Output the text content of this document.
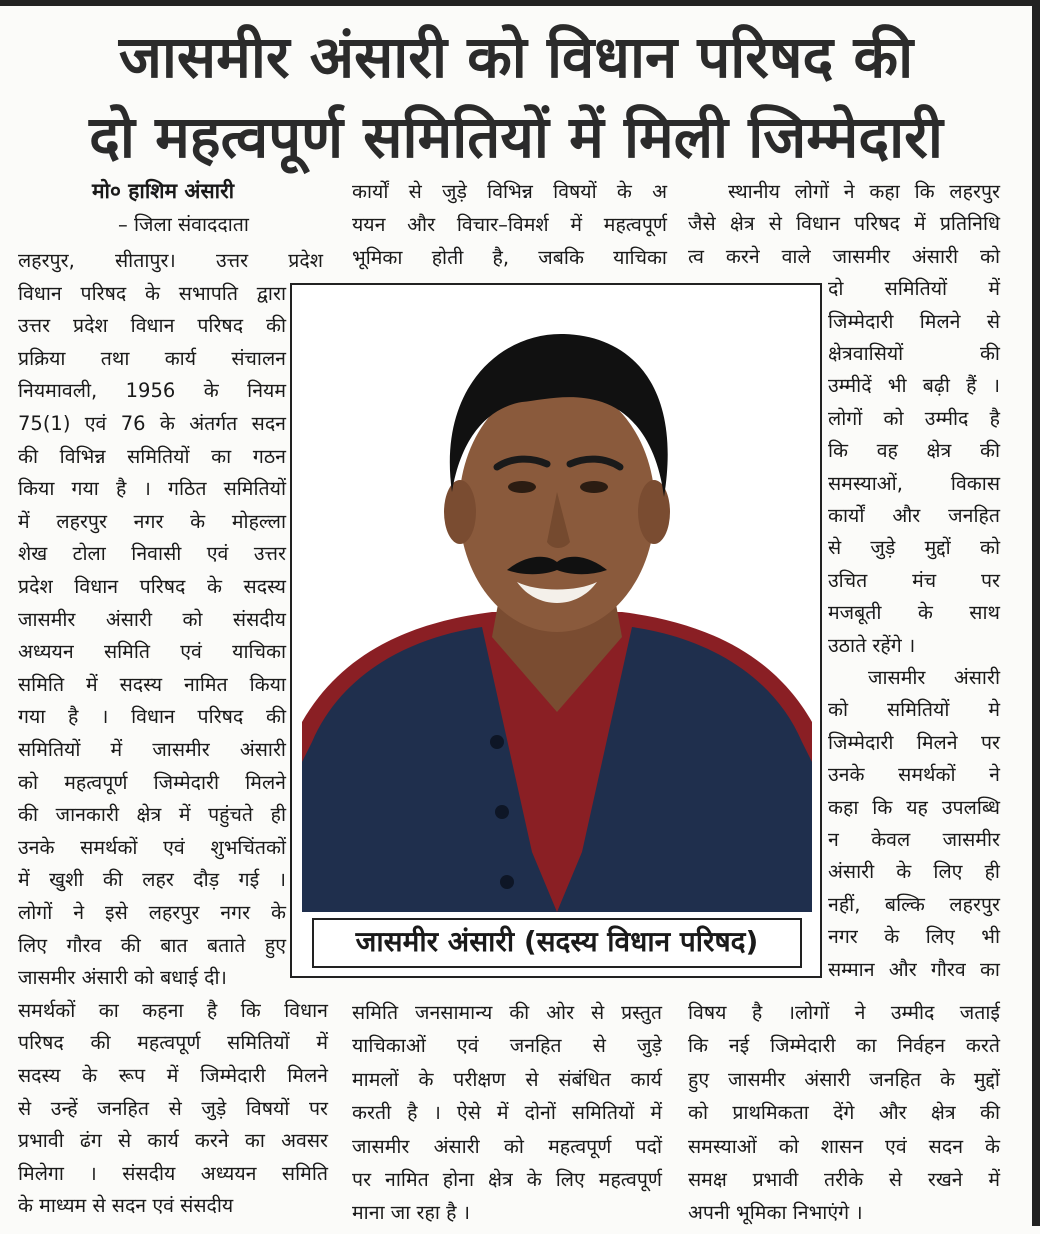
जासमीर अंसारी को विधान परिषद की
दो महत्वपूर्ण समितियों में मिली जिम्मेदारी
मो० हाशिम अंसारी
– जिला संवाददाता
लहरपुर, सीतापुर। उत्तर प्रदेश
विधान परिषद के सभापति द्वारा
उत्तर प्रदेश विधान परिषद की
प्रक्रिया तथा कार्य संचालन
नियमावली, 1956 के नियम
75(1) एवं 76 के अंतर्गत सदन
की विभिन्न समितियों का गठन
किया गया है । गठित समितियों
में लहरपुर नगर के मोहल्ला
शेख टोला निवासी एवं उत्तर
प्रदेश विधान परिषद के सदस्य
जासमीर अंसारी को संसदीय
अध्ययन समिति एवं याचिका
समिति में सदस्य नामित किया
गया है । विधान परिषद की
समितियों में जासमीर अंसारी
को महत्वपूर्ण जिम्मेदारी मिलने
की जानकारी क्षेत्र में पहुंचते ही
उनके समर्थकों एवं शुभचिंतकों
में खुशी की लहर दौड़ गई ।
लोगों ने इसे लहरपुर नगर के
लिए गौरव की बात बताते हुए
जासमीर अंसारी को बधाई दी।
समर्थकों का कहना है कि विधान
परिषद की महत्वपूर्ण समितियों में
सदस्य के रूप में जिम्मेदारी मिलने
से उन्हें जनहित से जुड़े विषयों पर
प्रभावी ढंग से कार्य करने का अवसर
मिलेगा । संसदीय अध्ययन समिति
के माध्यम से सदन एवं संसदीय
कार्यों से जुड़े विभिन्न विषयों के अ
ययन और विचार–विमर्श में महत्वपूर्ण
भूमिका होती है, जबकि याचिका
समिति जनसामान्य की ओर से प्रस्तुत
याचिकाओं एवं जनहित से जुड़े
मामलों के परीक्षण से संबंधित कार्य
करती है । ऐसे में दोनों समितियों में
जासमीर अंसारी को महत्वपूर्ण पदों
पर नामित होना क्षेत्र के लिए महत्वपूर्ण
माना जा रहा है ।
स्थानीय लोगों ने कहा कि लहरपुर
जैसे क्षेत्र से विधान परिषद में प्रतिनिधि
त्व करने वाले जासमीर अंसारी को
दो समितियों में
जिम्मेदारी मिलने से
क्षेत्रवासियों की
उम्मीदें भी बढ़ी हैं ।
लोगों को उम्मीद है
कि वह क्षेत्र की
समस्याओं, विकास
कार्यों और जनहित
से जुड़े मुद्दों को
उचित मंच पर
मजबूती के साथ
उठाते रहेंगे ।
जासमीर अंसारी
को समितियों मे
जिम्मेदारी मिलने पर
उनके समर्थकों ने
कहा कि यह उपलब्धि
न केवल जासमीर
अंसारी के लिए ही
नहीं, बल्कि लहरपुर
नगर के लिए भी
सम्मान और गौरव का
विषय है ।लोगों ने उम्मीद जताई
कि नई जिम्मेदारी का निर्वहन करते
हुए जासमीर अंसारी जनहित के मुद्दों
को प्राथमिकता देंगे और क्षेत्र की
समस्याओं को शासन एवं सदन के
समक्ष प्रभावी तरीके से रखने में
अपनी भूमिका निभाएंगे ।
जासमीर अंसारी (सदस्य विधान परिषद)
